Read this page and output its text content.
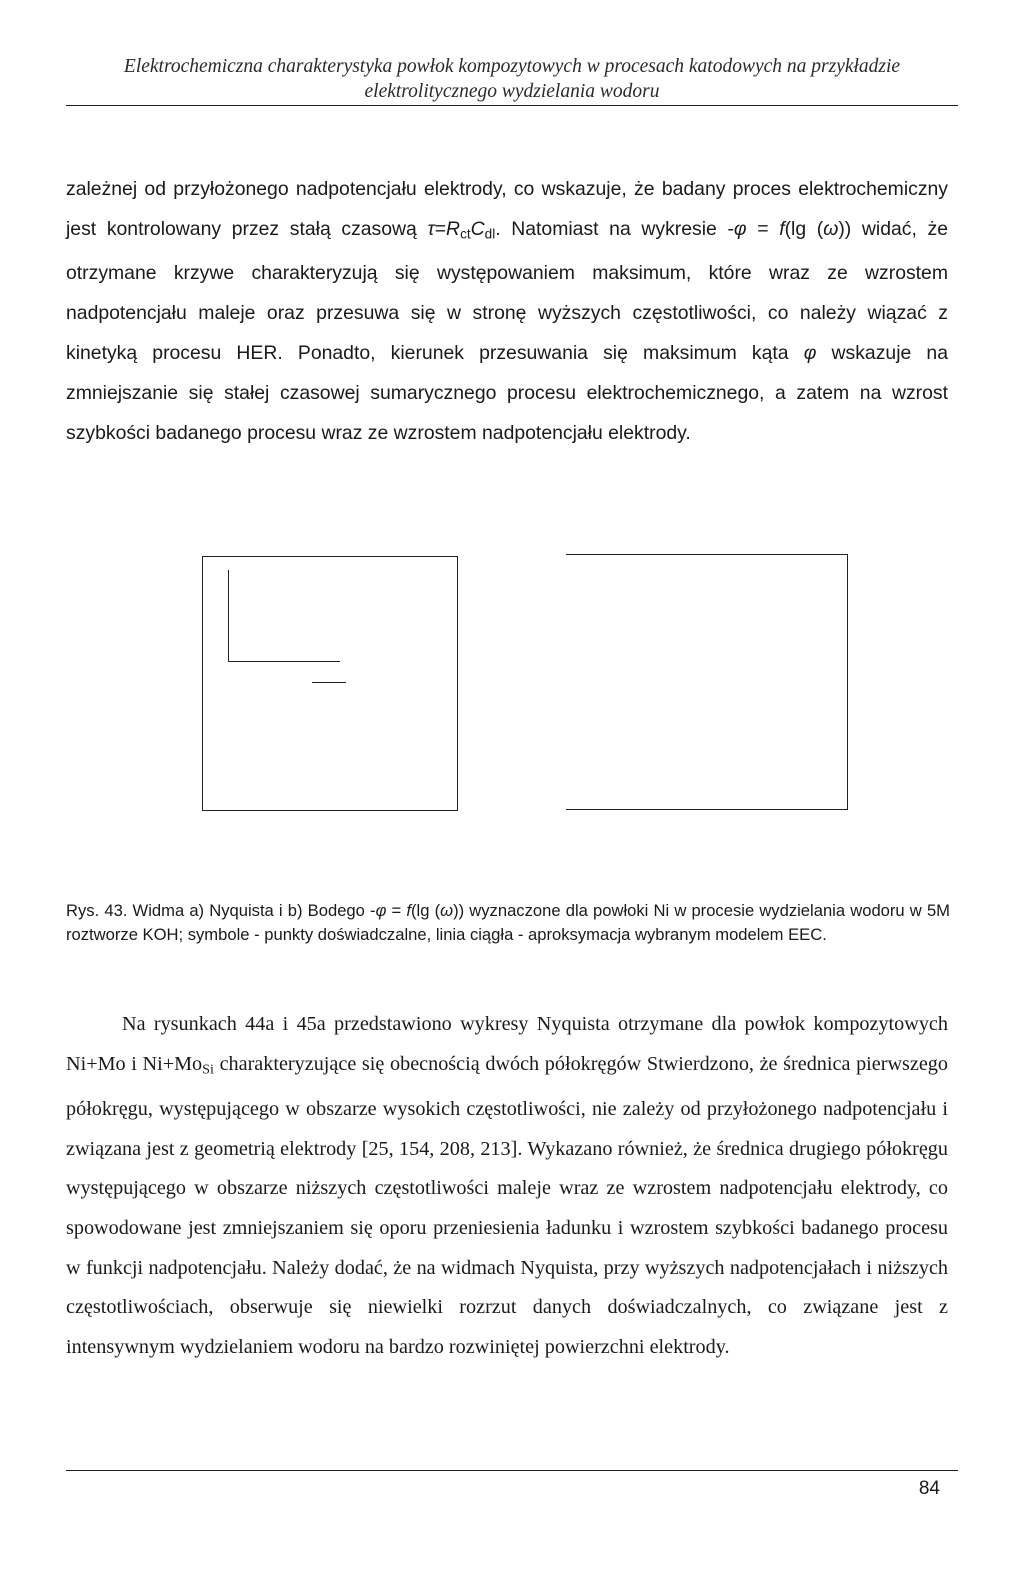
Elektrochemiczna charakterystyka powłok kompozytowych w procesach katodowych na przykładzie
elektrolitycznego wydzielania wodoru

zależnej od przyłożonego nadpotencjału elektrody, co wskazuje, że badany proces elektrochemiczny jest kontrolowany przez stałą czasową $\tau=R_{ct}C_{dl}$. Natomiast na wykresie -φ = f(lg (ω)) widać, że otrzymane krzywe charakteryzują się występowaniem maksimum, które wraz ze wzrostem nadpotencjału maleje oraz przesuwa się w stronę wyższych częstotliwości, co należy wiązać z kinetyką procesu HER. Ponadto, kierunek przesuwania się maksimum kąta φ wskazuje na zmniejszanie się stałej czasowej sumarycznego procesu elektrochemicznego, a zatem na wzrost szybkości badanego procesu wraz ze wzrostem nadpotencjału elektrody.

Rys. 43. Widma a) Nyquista i b) Bodego -φ = f(lg (ω)) wyznaczone dla powłoki Ni w procesie wydzielania wodoru w 5M roztworze KOH; symbole - punkty doświadczalne, linia ciągła - aproksymacja wybranym modelem EEC.

Na rysunkach 44a i 45a przedstawiono wykresy Nyquista otrzymane dla powłok kompozytowych Ni+Mo i $Ni+Mo_{Si}$ charakteryzujące się obecnością dwóch półokręgów Stwierdzono, że średnica pierwszego półokręgu, występującego w obszarze wysokich częstotliwości, nie zależy od przyłożonego nadpotencjału i związana jest z geometrią elektrody [25, 154, 208, 213]. Wykazano również, że średnica drugiego półokręgu występującego w obszarze niższych częstotliwości maleje wraz ze wzrostem nadpotencjału elektrody, co spowodowane jest zmniejszaniem się oporu przeniesienia ładunku i wzrostem szybkości badanego procesu w funkcji nadpotencjału. Należy dodać, że na widmach Nyquista, przy wyższych nadpotencjałach i niższych częstotliwościach, obserwuje się niewielki rozrzut danych doświadczalnych, co związane jest z intensywnym wydzielaniem wodoru na bardzo rozwiniętej powierzchni elektrody.

84
